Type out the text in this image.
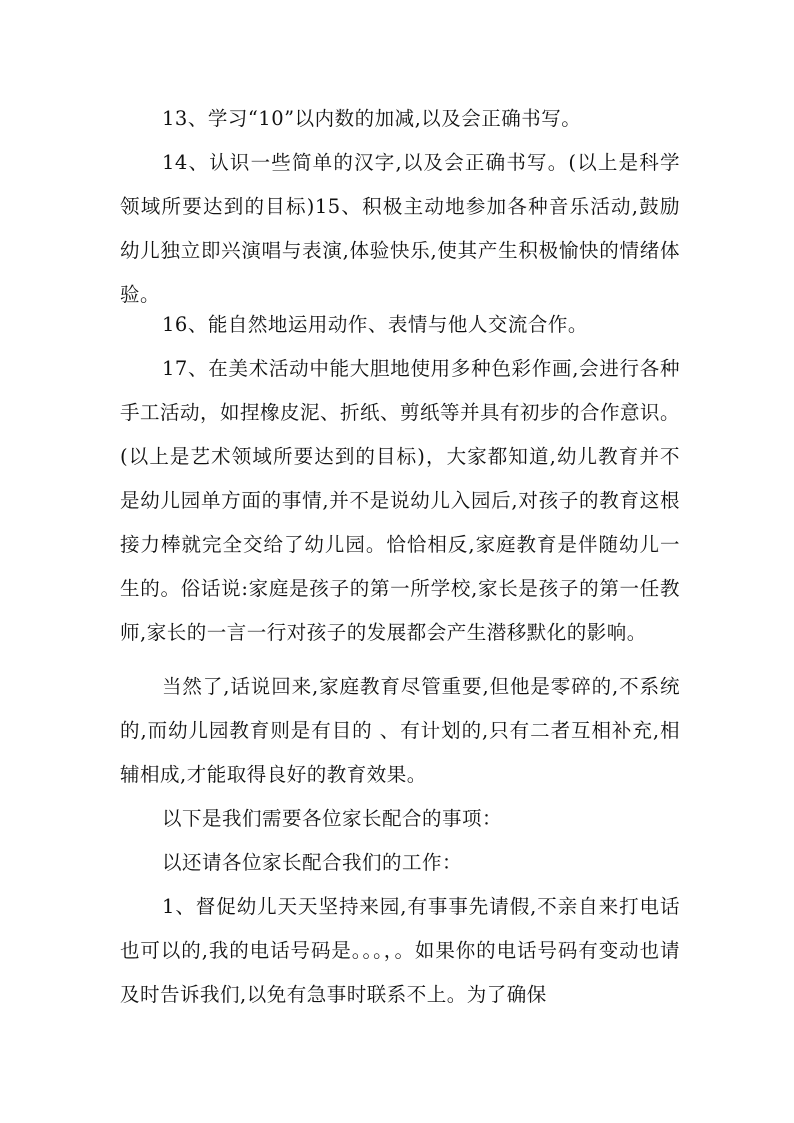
13、学习“10”以内数的加减,以及会正确书写。

14、认识一些简单的汉字,以及会正确书写。(以上是科学领域所要达到的目标)15、积极主动地参加各种音乐活动,鼓励幼儿独立即兴演唱与表演,体验快乐,使其产生积极愉快的情绪体验。

16、能自然地运用动作、表情与他人交流合作。

17、在美术活动中能大胆地使用多种色彩作画,会进行各种手工活动，如捏橡皮泥、折纸、剪纸等并具有初步的合作意识。(以上是艺术领域所要达到的目标)，大家都知道,幼儿教育并不是幼儿园单方面的事情,并不是说幼儿入园后,对孩子的教育这根接力棒就完全交给了幼儿园。恰恰相反,家庭教育是伴随幼儿一生的。俗话说:家庭是孩子的第一所学校,家长是孩子的第一任教师,家长的一言一行对孩子的发展都会产生潜移默化的影响。

当然了,话说回来,家庭教育尽管重要,但他是零碎的,不系统的,而幼儿园教育则是有目的 、有计划的,只有二者互相补充,相辅相成,才能取得良好的教育效果。

以下是我们需要各位家长配合的事项：

以还请各位家长配合我们的工作：

1、督促幼儿天天坚持来园,有事事先请假,不亲自来打电话也可以的,我的电话号码是。。。，。如果你的电话号码有变动也请及时告诉我们,以免有急事时联系不上。为了确保
